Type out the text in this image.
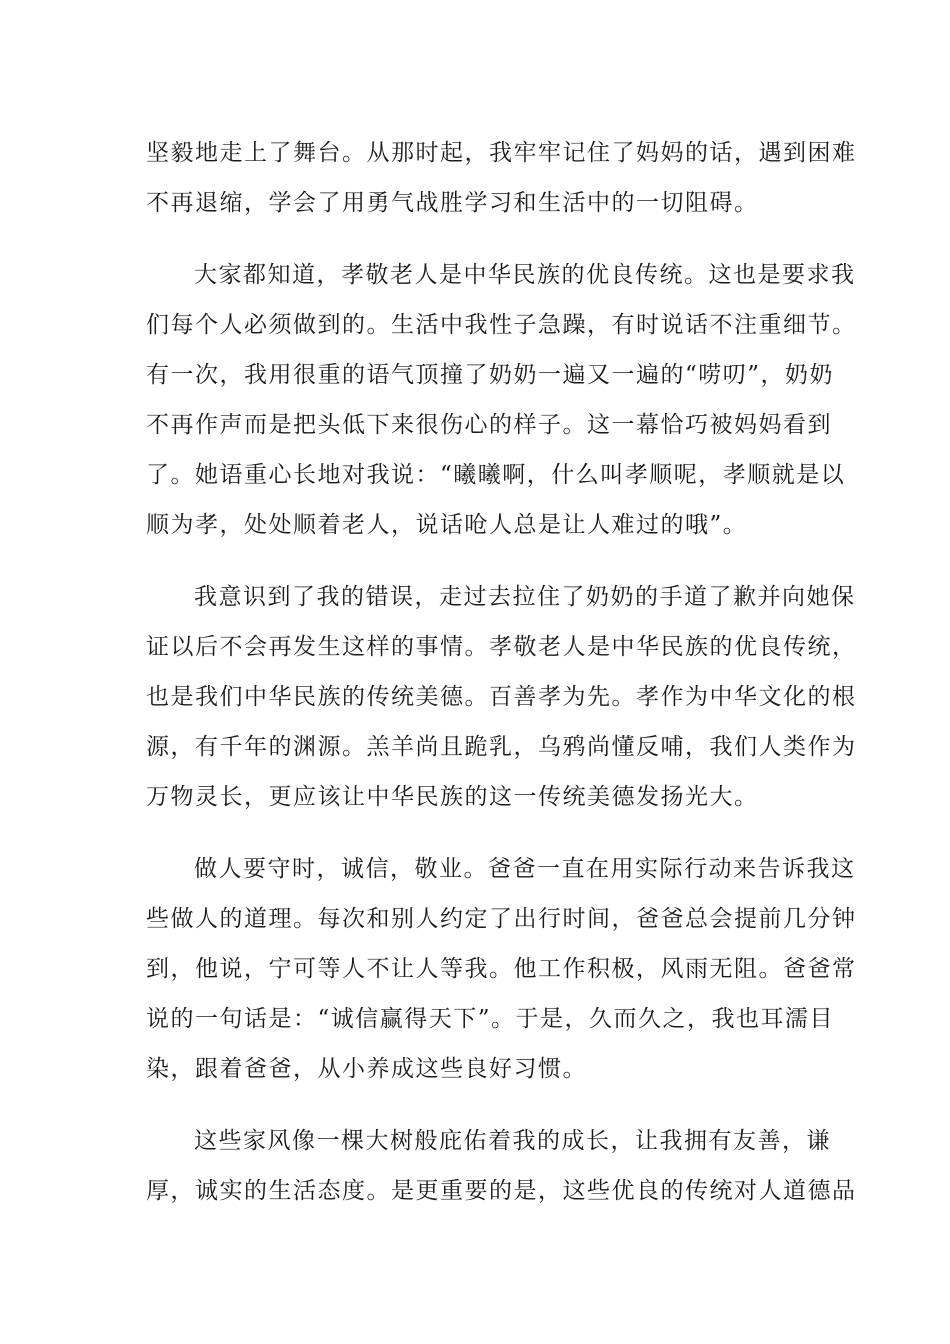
坚毅地走上了舞台。从那时起，我牢牢记住了妈妈的话，遇到困难
不再退缩，学会了用勇气战胜学习和生活中的一切阻碍。
大家都知道，孝敬老人是中华民族的优良传统。这也是要求我
们每个人必须做到的。生活中我性子急躁，有时说话不注重细节。
有一次，我用很重的语气顶撞了奶奶一遍又一遍的“唠叨”，奶奶
不再作声而是把头低下来很伤心的样子。这一幕恰巧被妈妈看到
了。她语重心长地对我说：“曦曦啊，什么叫孝顺呢，孝顺就是以
顺为孝，处处顺着老人，说话呛人总是让人难过的哦”。
我意识到了我的错误，走过去拉住了奶奶的手道了歉并向她保
证以后不会再发生这样的事情。孝敬老人是中华民族的优良传统，
也是我们中华民族的传统美德。百善孝为先。孝作为中华文化的根
源，有千年的渊源。羔羊尚且跪乳，乌鸦尚懂反哺，我们人类作为
万物灵长，更应该让中华民族的这一传统美德发扬光大。
做人要守时，诚信，敬业。爸爸一直在用实际行动来告诉我这
些做人的道理。每次和别人约定了出行时间，爸爸总会提前几分钟
到，他说，宁可等人不让人等我。他工作积极，风雨无阻。爸爸常
说的一句话是：“诚信赢得天下”。于是，久而久之，我也耳濡目
染，跟着爸爸，从小养成这些良好习惯。
这些家风像一棵大树般庇佑着我的成长，让我拥有友善，谦
厚，诚实的生活态度。是更重要的是，这些优良的传统对人道德品
